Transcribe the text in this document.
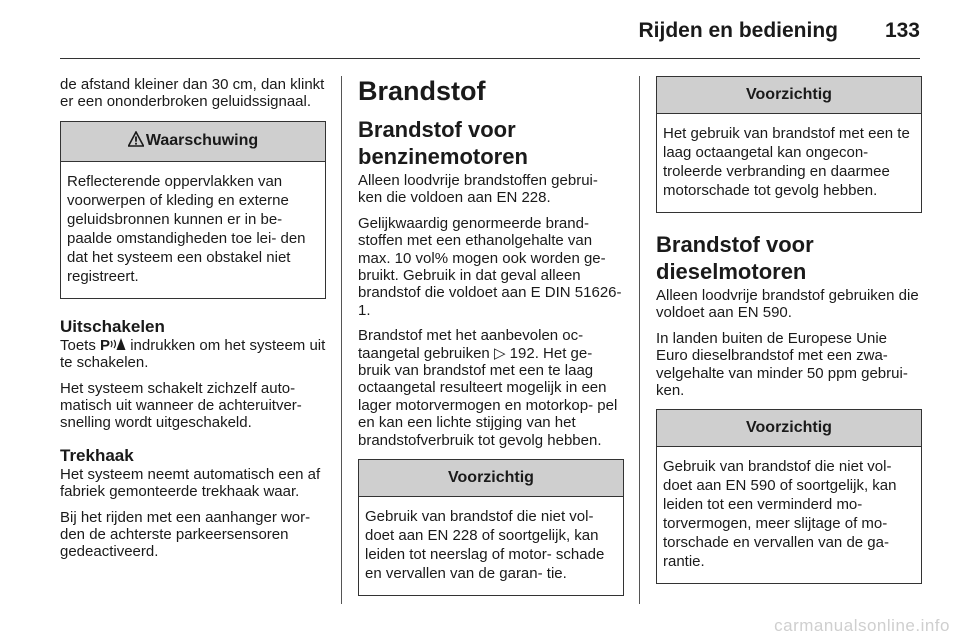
Rijden en bediening 133

de afstand kleiner dan 30 cm, dan klinkt er een ononderbroken geluidssignaal.

Waarschuwing

Reflecterende oppervlakken van voorwerpen of kleding en externe geluidsbronnen kunnen er in be- paalde omstandigheden toe lei- den dat het systeem een obstakel niet registreert.

Uitschakelen

Toets P indrukken om het systeem uit te schakelen.

Het systeem schakelt zichzelf auto- matisch uit wanneer de achteruitver- snelling wordt uitgeschakeld.

Trekhaak

Het systeem neemt automatisch een af fabriek gemonteerde trekhaak waar.

Bij het rijden met een aanhanger wor- den de achterste parkeersensoren gedeactiveerd.

Brandstof
Brandstof voor benzinemotoren

Alleen loodvrije brandstoffen gebrui- ken die voldoen aan EN 228.

Gelijkwaardig genormeerde brand- stoffen met een ethanolgehalte van max. 10 vol% mogen ook worden ge- bruikt. Gebruik in dat geval alleen brandstof die voldoet aan E DIN 51626-1.

Brandstof met het aanbevolen oc- taangetal gebruiken ▷ 192. Het ge- bruik van brandstof met een te laag octaangetal resulteert mogelijk in een lager motorvermogen en motorkop- pel en kan een lichte stijging van het brandstofverbruik tot gevolg hebben.

Voorzichtig

Gebruik van brandstof die niet vol- doet aan EN 228 of soortgelijk, kan leiden tot neerslag of motor- schade en vervallen van de garan- tie.

Voorzichtig

Het gebruik van brandstof met een te laag octaangetal kan ongecon- troleerde verbranding en daarmee motorschade tot gevolg hebben.

Brandstof voor dieselmotoren

Alleen loodvrije brandstof gebruiken die voldoet aan EN 590.

In landen buiten de Europese Unie Euro dieselbrandstof met een zwa- velgehalte van minder 50 ppm gebrui- ken.

Voorzichtig

Gebruik van brandstof die niet vol- doet aan EN 590 of soortgelijk, kan leiden tot een verminderd mo- torvermogen, meer slijtage of mo- torschade en vervallen van de ga- rantie.

carmanualsonline.info
